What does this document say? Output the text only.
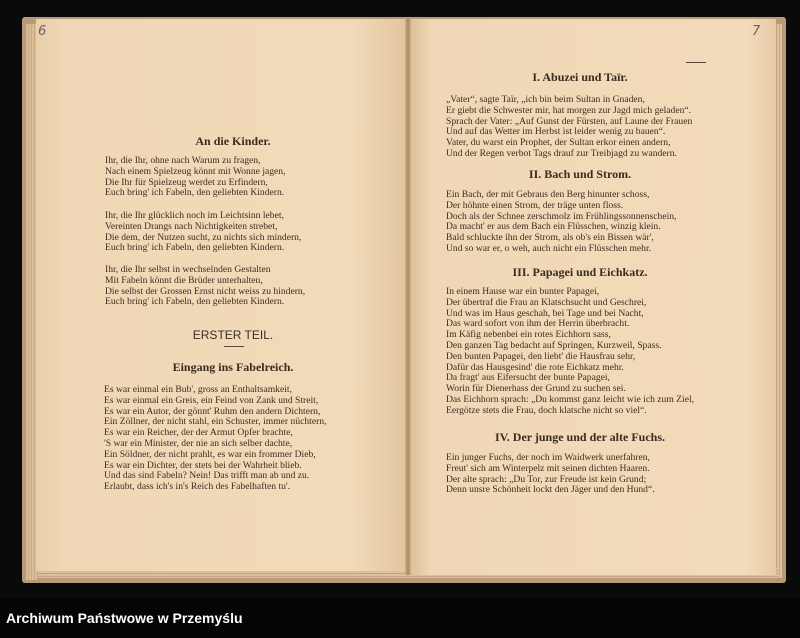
6
An die Kinder.
Ihr, die Ihr, ohne nach Warum zu fragen,
Nach einem Spielzeug könnt mit Wonne jagen,
Die Ihr für Spielzeug werdet zu Erfindern,
Euch bring' ich Fabeln, den geliebten Kindern.
Ihr, die Ihr glücklich noch im Leichtsinn lebet,
Vereinten Drangs nach Nichtigkeiten strebet,
Die dem, der Nutzen sucht, zu nichts sich mindern,
Euch bring' ich Fabeln, den geliebten Kindern.
Ihr, die Ihr selbst in wechselnden Gestalten
Mit Fabeln könnt die Brüder unterhalten,
Die selbst der Grossen Ernst nicht weiss zu hindern,
Euch bring' ich Fabeln, den geliebten Kindern.
ERSTER TEIL.
Eingang ins Fabelreich.
Es war einmal ein Bub', gross an Enthaltsamkeit,
Es war einmal ein Greis, ein Feind von Zank und Streit,
Es war ein Autor, der gönnt' Ruhm den andern Dichtern,
Ein Zöllner, der nicht stahl, ein Schuster, immer nüchtern,
Es war ein Reicher, der der Armut Opfer brachte,
'S war ein Minister, der nie an sich selber dachte,
Ein Söldner, der nicht prahlt, es war ein frommer Dieb,
Es war ein Dichter, der stets bei der Wahrheit blieb.
Und das sind Fabeln? Nein! Das trifft man ab und zu.
Erlaubt, dass ich's in's Reich des Fabelhaften tu'.
7
I. Abuzei und Taïr.
„Vater“, sagte Taïr, „ich bin beim Sultan in Gnaden,
Er giebt die Schwester mir, hat morgen zur Jagd mich geladen“.
Sprach der Vater: „Auf Gunst der Fürsten, auf Laune der Frauen
Und auf das Wetter im Herbst ist leider wenig zu bauen“.
Vater, du warst ein Prophet, der Sultan erkor einen andern,
Und der Regen verbot Tags drauf zur Treibjagd zu wandern.
II. Bach und Strom.
Ein Bach, der mit Gebraus den Berg hinunter schoss,
Der höhnte einen Strom, der träge unten floss.
Doch als der Schnee zerschmolz im Frühlingssonnenschein,
Da macht' er aus dem Bach ein Flüsschen, winzig klein.
Bald schluckte ihn der Strom, als ob's ein Bissen wär',
Und so war er, o weh, auch nicht ein Flüsschen mehr.
III. Papagei und Eichkatz.
In einem Hause war ein bunter Papagei,
Der übertraf die Frau an Klatschsucht und Geschrei,
Und was im Haus geschah, bei Tage und bei Nacht,
Das ward sofort von ihm der Herrin überbracht.
Im Käfig nebenbei ein rotes Eichhorn sass,
Den ganzen Tag bedacht auf Springen, Kurzweil, Spass.
Den bunten Papagei, den liebt' die Hausfrau sehr,
Dafür das Hausgesind' die rote Eichkatz mehr.
Da fragt' aus Eifersucht der bunte Papagei,
Worin für Dienerhass der Grund zu suchen sei.
Das Eichhorn sprach: „Du kommst ganz leicht wie ich zum Ziel,
Eergötze stets die Frau, doch klatsche nicht so viel“.
IV. Der junge und der alte Fuchs.
Ein junger Fuchs, der noch im Waidwerk unerfahren,
Freut' sich am Winterpelz mit seinen dichten Haaren.
Der alte sprach: „Du Tor, zur Freude ist kein Grund;
Denn unsre Schönheit lockt den Jäger und den Hund“.
Archiwum Państwowe w Przemyślu
